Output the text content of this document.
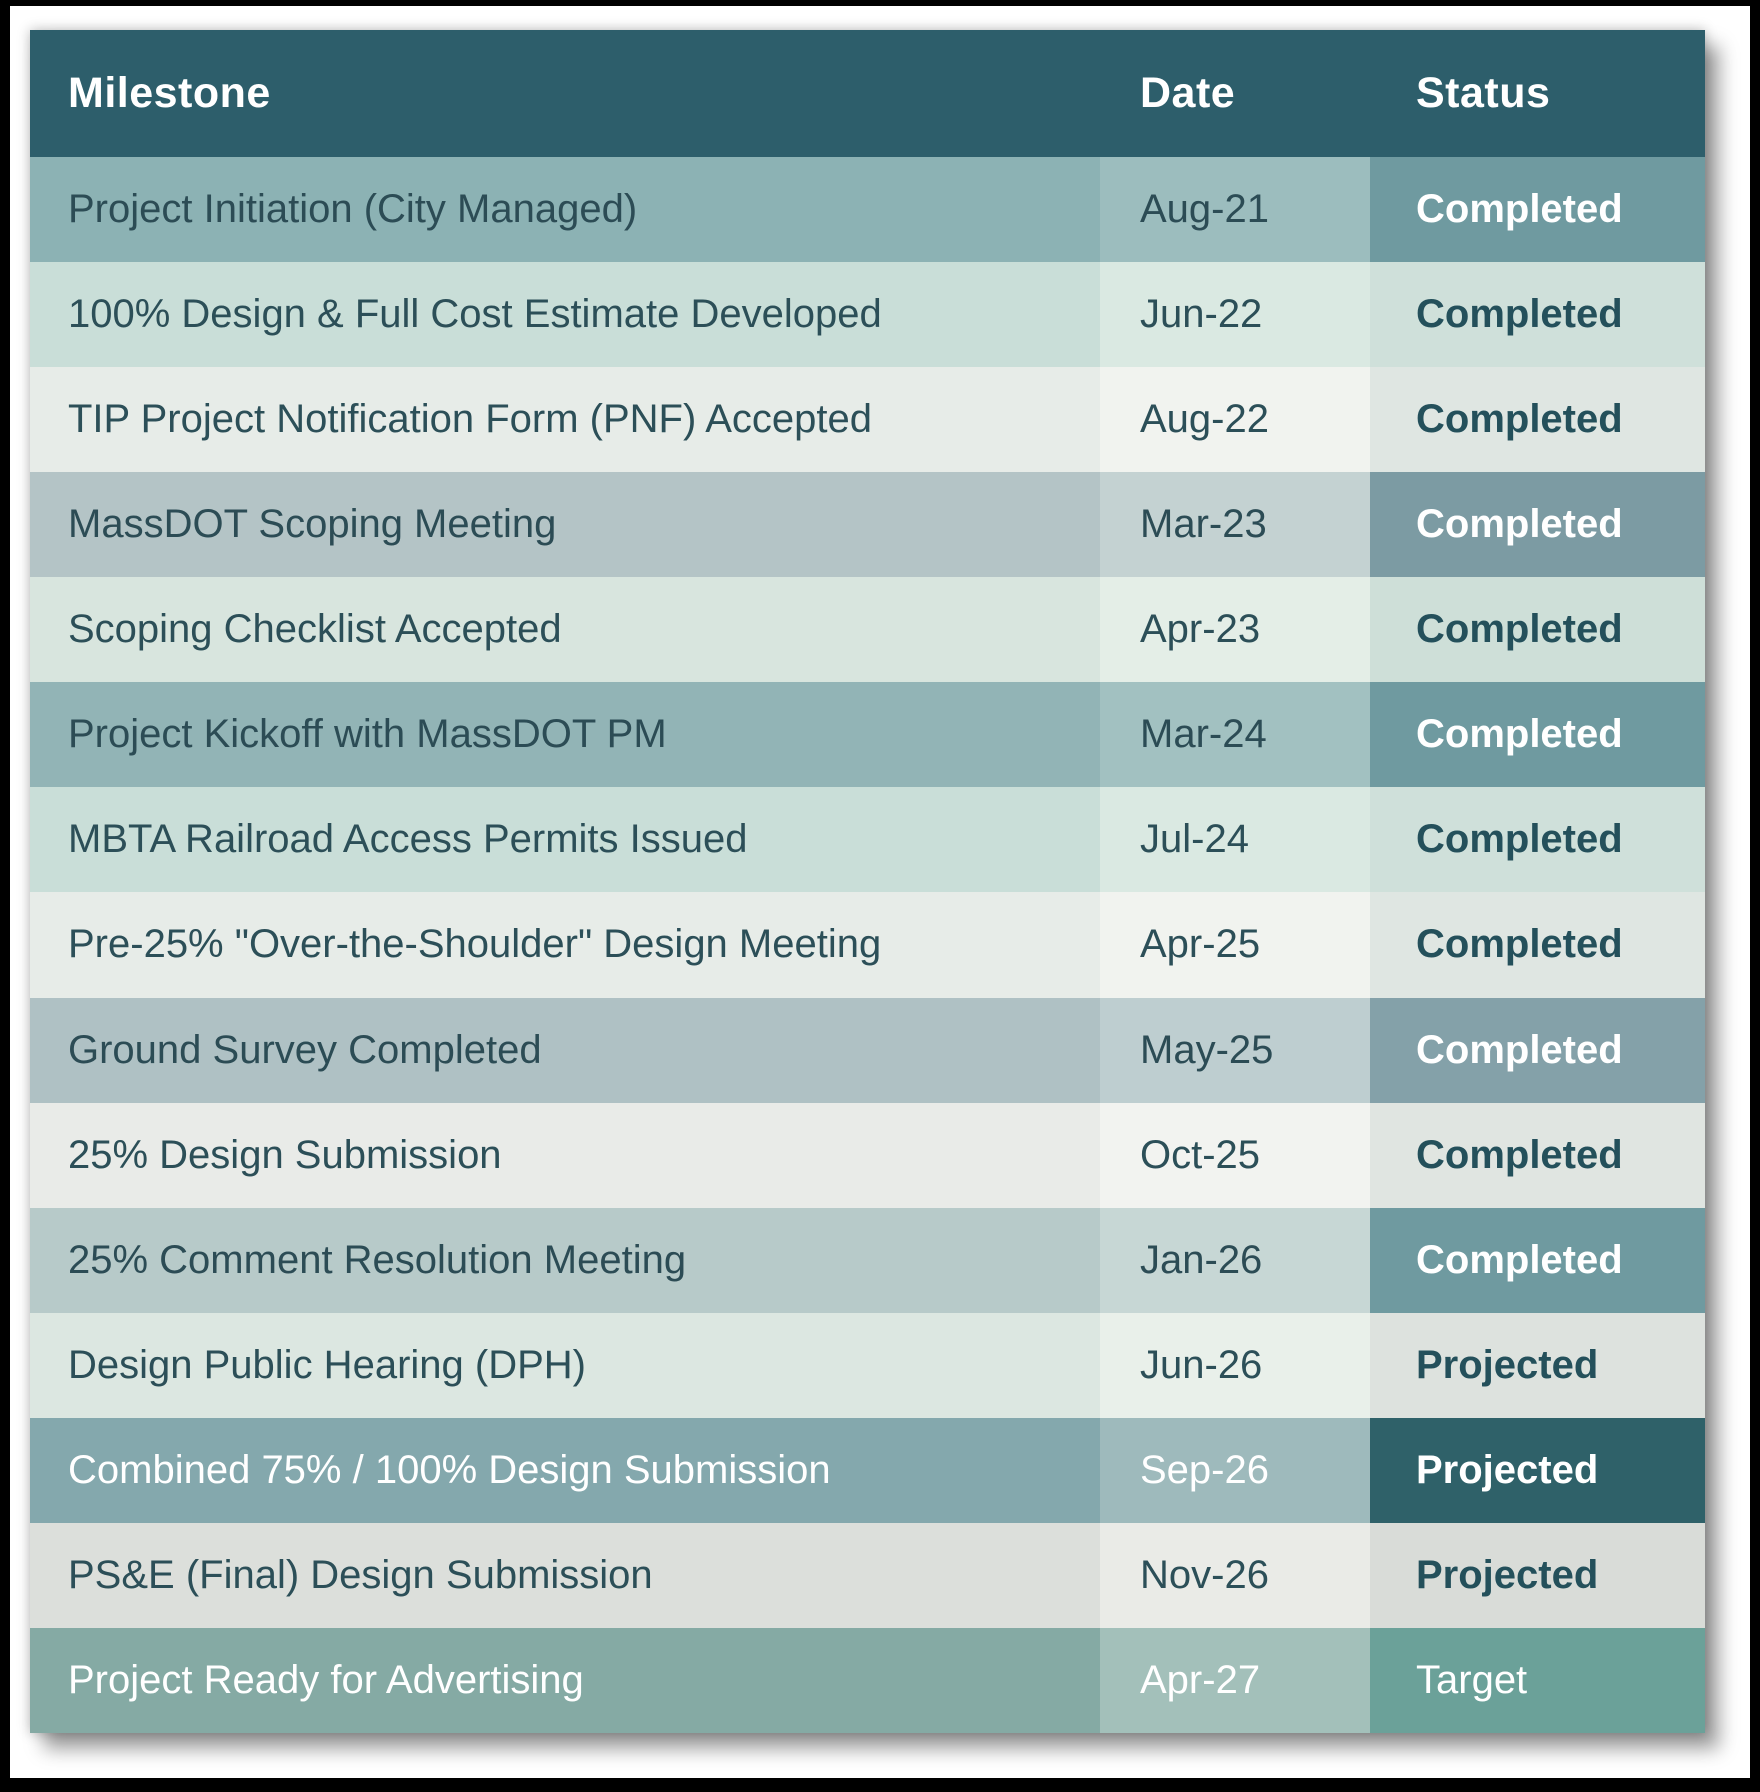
Milestone	Date	Status
Project Initiation (City Managed)	Aug-21	Completed
100% Design & Full Cost Estimate Developed	Jun-22	Completed
TIP Project Notification Form (PNF) Accepted	Aug-22	Completed
MassDOT Scoping Meeting	Mar-23	Completed
Scoping Checklist Accepted	Apr-23	Completed
Project Kickoff with MassDOT PM	Mar-24	Completed
MBTA Railroad Access Permits Issued	Jul-24	Completed
Pre-25% "Over-the-Shoulder" Design Meeting	Apr-25	Completed
Ground Survey Completed	May-25	Completed
25% Design Submission	Oct-25	Completed
25% Comment Resolution Meeting	Jan-26	Completed
Design Public Hearing (DPH)	Jun-26	Projected
Combined 75% / 100% Design Submission	Sep-26	Projected
PS&E (Final) Design Submission	Nov-26	Projected
Project Ready for Advertising	Apr-27	Target
